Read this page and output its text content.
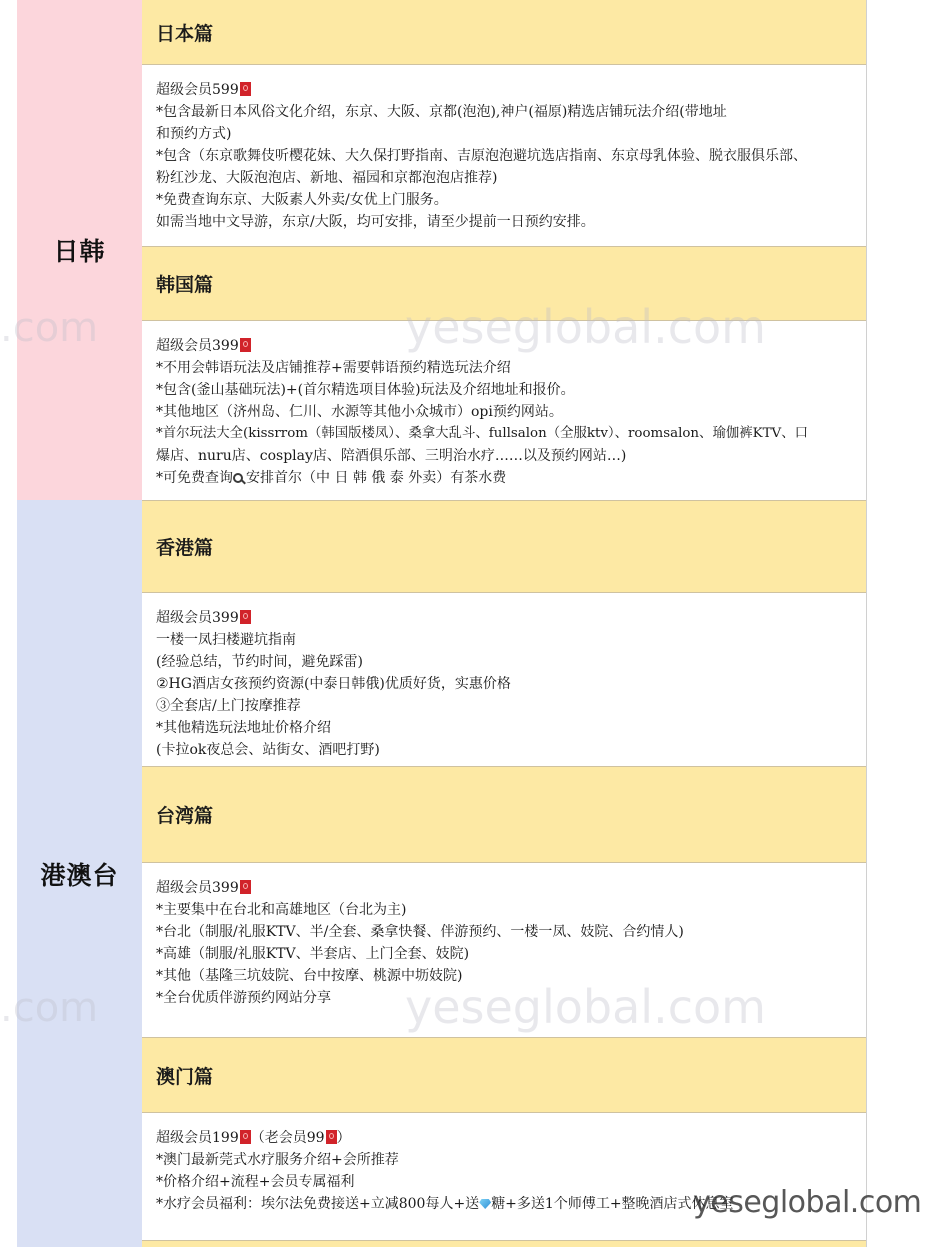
日韩
港澳台
日本篇
超级会员599
*包含最新日本风俗文化介绍，东京、大阪、京都(泡泡),神户(福原)精选店铺玩法介绍(带地址
和预约方式)
*包含（东京歌舞伎听樱花妹、大久保打野指南、吉原泡泡避坑选店指南、东京母乳体验、脱衣服俱乐部、
粉红沙龙、大阪泡泡店、新地、福园和京都泡泡店推荐)
*免费查询东京、大阪素人外卖/女优上门服务。
如需当地中文导游，东京/大阪，均可安排，请至少提前一日预约安排。
韩国篇
超级会员399
*不用会韩语玩法及店铺推荐+需要韩语预约精选玩法介绍
*包含(釜山基础玩法)+(首尔精选项目体验)玩法及介绍地址和报价。
*其他地区（济州岛、仁川、水源等其他小众城市）opi预约网站。
*首尔玩法大全(kissrrom（韩国版楼凤）、桑拿大乱斗、fullsalon（全服ktv）、roomsalon、瑜伽裤KTV、口
爆店、nuru店、cosplay店、陪酒俱乐部、三明治水疗……以及预约网站…)
*可免费查询 安排首尔（中 日 韩 俄 泰 外卖）有茶水费
香港篇
超级会员399
一楼一凤扫楼避坑指南
(经验总结，节约时间，避免踩雷)
②HG酒店女孩预约资源(中泰日韩俄)优质好货，实惠价格
③全套店/上门按摩推荐
*其他精选玩法地址价格介绍
(卡拉ok夜总会、站街女、酒吧打野)
台湾篇
超级会员399
*主要集中在台北和高雄地区（台北为主)
*台北（制服/礼服KTV、半/全套、桑拿快餐、伴游预约、一楼一凤、妓院、合约情人)
*高雄（制服/礼服KTV、半套店、上门全套、妓院)
*其他（基隆三坑妓院、台中按摩、桃源中坜妓院)
*全台优质伴游预约网站分享
澳门篇
超级会员199 （老会员99 ）
*澳门最新莞式水疗服务介绍+会所推荐
*价格介绍+流程+会员专属福利
*水疗会员福利：埃尔法免费接送+立减800每人+送 糖+多送1个师傅工+整晚酒店式休息室
yeseglobal.com
yeseglobal.com
.com
.com
yeseglobal.com
